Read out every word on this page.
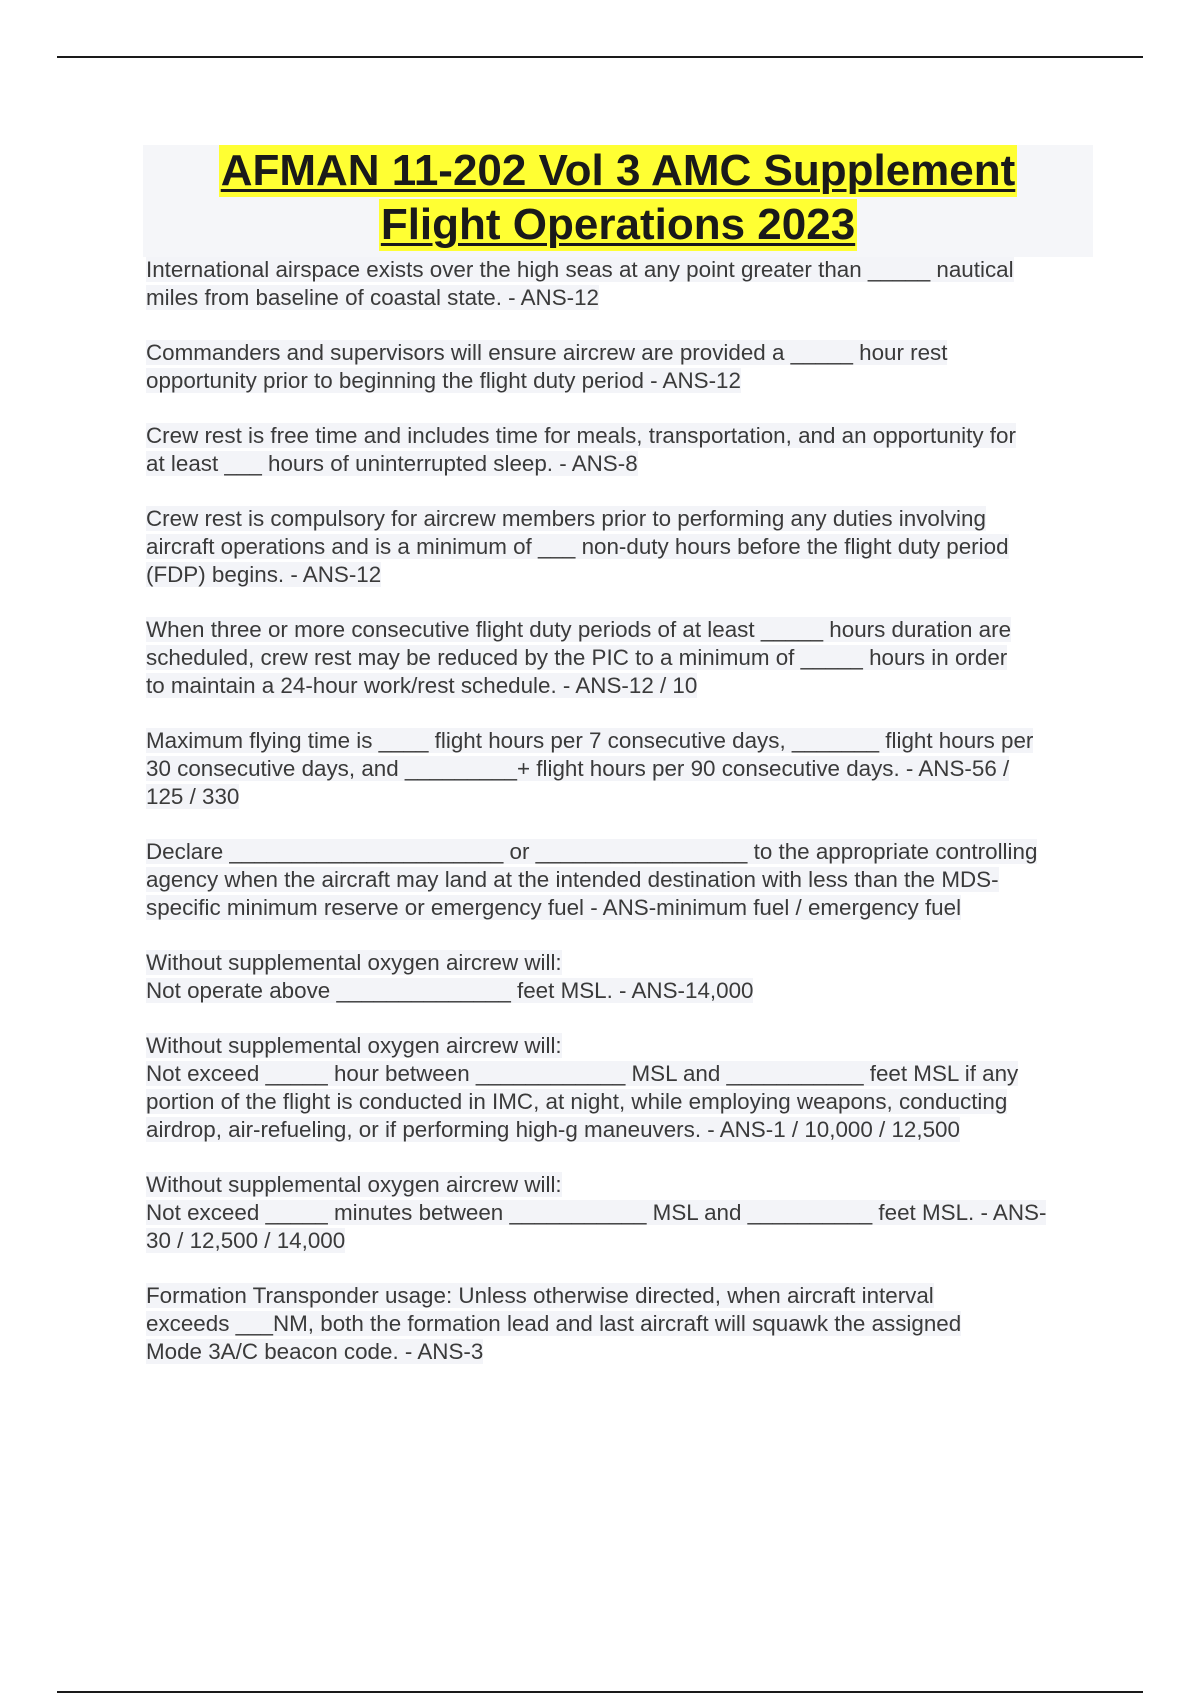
AFMAN 11-202 Vol 3 AMC Supplement
Flight Operations 2023
International airspace exists over the high seas at any point greater than _____ nautical
miles from baseline of coastal state. - ANS-12
Commanders and supervisors will ensure aircrew are provided a _____ hour rest
opportunity prior to beginning the flight duty period - ANS-12
Crew rest is free time and includes time for meals, transportation, and an opportunity for
at least ___ hours of uninterrupted sleep. - ANS-8
Crew rest is compulsory for aircrew members prior to performing any duties involving
aircraft operations and is a minimum of ___ non-duty hours before the flight duty period
(FDP) begins. - ANS-12
When three or more consecutive flight duty periods of at least _____ hours duration are
scheduled, crew rest may be reduced by the PIC to a minimum of _____ hours in order
to maintain a 24-hour work/rest schedule. - ANS-12 / 10
Maximum flying time is ____ flight hours per 7 consecutive days, _______ flight hours per
30 consecutive days, and _________+ flight hours per 90 consecutive days. - ANS-56 /
125 / 330
Declare ______________________ or _________________ to the appropriate controlling
agency when the aircraft may land at the intended destination with less than the MDS-
specific minimum reserve or emergency fuel - ANS-minimum fuel / emergency fuel
Without supplemental oxygen aircrew will:
Not operate above ______________ feet MSL. - ANS-14,000
Without supplemental oxygen aircrew will:
Not exceed _____ hour between ____________ MSL and ___________ feet MSL if any
portion of the flight is conducted in IMC, at night, while employing weapons, conducting
airdrop, air-refueling, or if performing high-g maneuvers. - ANS-1 / 10,000 / 12,500
Without supplemental oxygen aircrew will:
Not exceed _____ minutes between ___________ MSL and __________ feet MSL. - ANS-
30 / 12,500 / 14,000
Formation Transponder usage: Unless otherwise directed, when aircraft interval
exceeds ___NM, both the formation lead and last aircraft will squawk the assigned
Mode 3A/C beacon code. - ANS-3
